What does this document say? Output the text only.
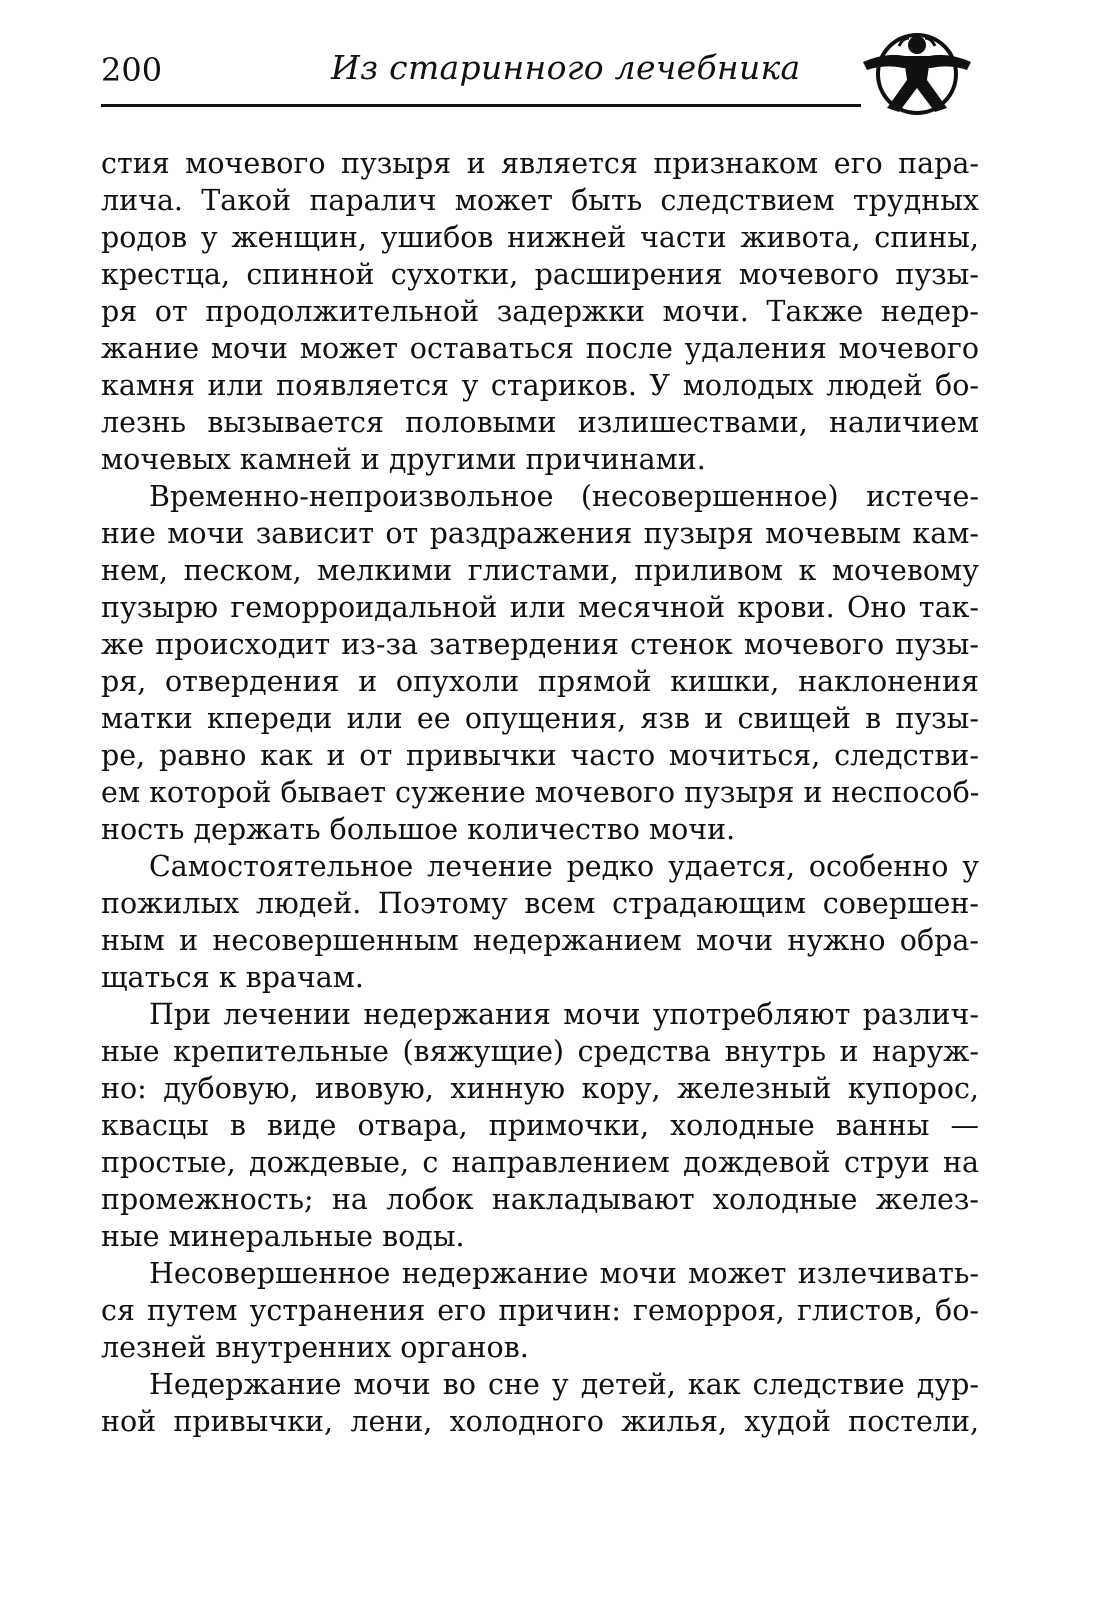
200	Из старинного лечебника
стия мочевого пузыря и является признаком его пара-
лича. Такой паралич может быть следствием трудных
родов у женщин, ушибов нижней части живота, спины,
крестца, спинной сухотки, расширения мочевого пузы-
ря от продолжительной задержки мочи. Также недер-
жание мочи может оставаться после удаления мочевого
камня или появляется у стариков. У молодых людей бо-
лезнь вызывается половыми излишествами, наличием
мочевых камней и другими причинами.
Временно-непроизвольное (несовершенное) истече-
ние мочи зависит от раздражения пузыря мочевым кам-
нем, песком, мелкими глистами, приливом к мочевому
пузырю геморроидальной или месячной крови. Оно так-
же происходит из-за затвердения стенок мочевого пузы-
ря, отвердения и опухоли прямой кишки, наклонения
матки кпереди или ее опущения, язв и свищей в пузы-
ре, равно как и от привычки часто мочиться, следстви-
ем которой бывает сужение мочевого пузыря и неспособ-
ность держать большое количество мочи.
Самостоятельное лечение редко удается, особенно у
пожилых людей. Поэтому всем страдающим совершен-
ным и несовершенным недержанием мочи нужно обра-
щаться к врачам.
При лечении недержания мочи употребляют различ-
ные крепительные (вяжущие) средства внутрь и наруж-
но: дубовую, ивовую, хинную кору, железный купорос,
квасцы в виде отвара, примочки, холодные ванны —
простые, дождевые, с направлением дождевой струи на
промежность; на лобок накладывают холодные желез-
ные минеральные воды.
Несовершенное недержание мочи может излечивать-
ся путем устранения его причин: геморроя, глистов, бо-
лезней внутренних органов.
Недержание мочи во сне у детей, как следствие дур-
ной привычки, лени, холодного жилья, худой постели,
